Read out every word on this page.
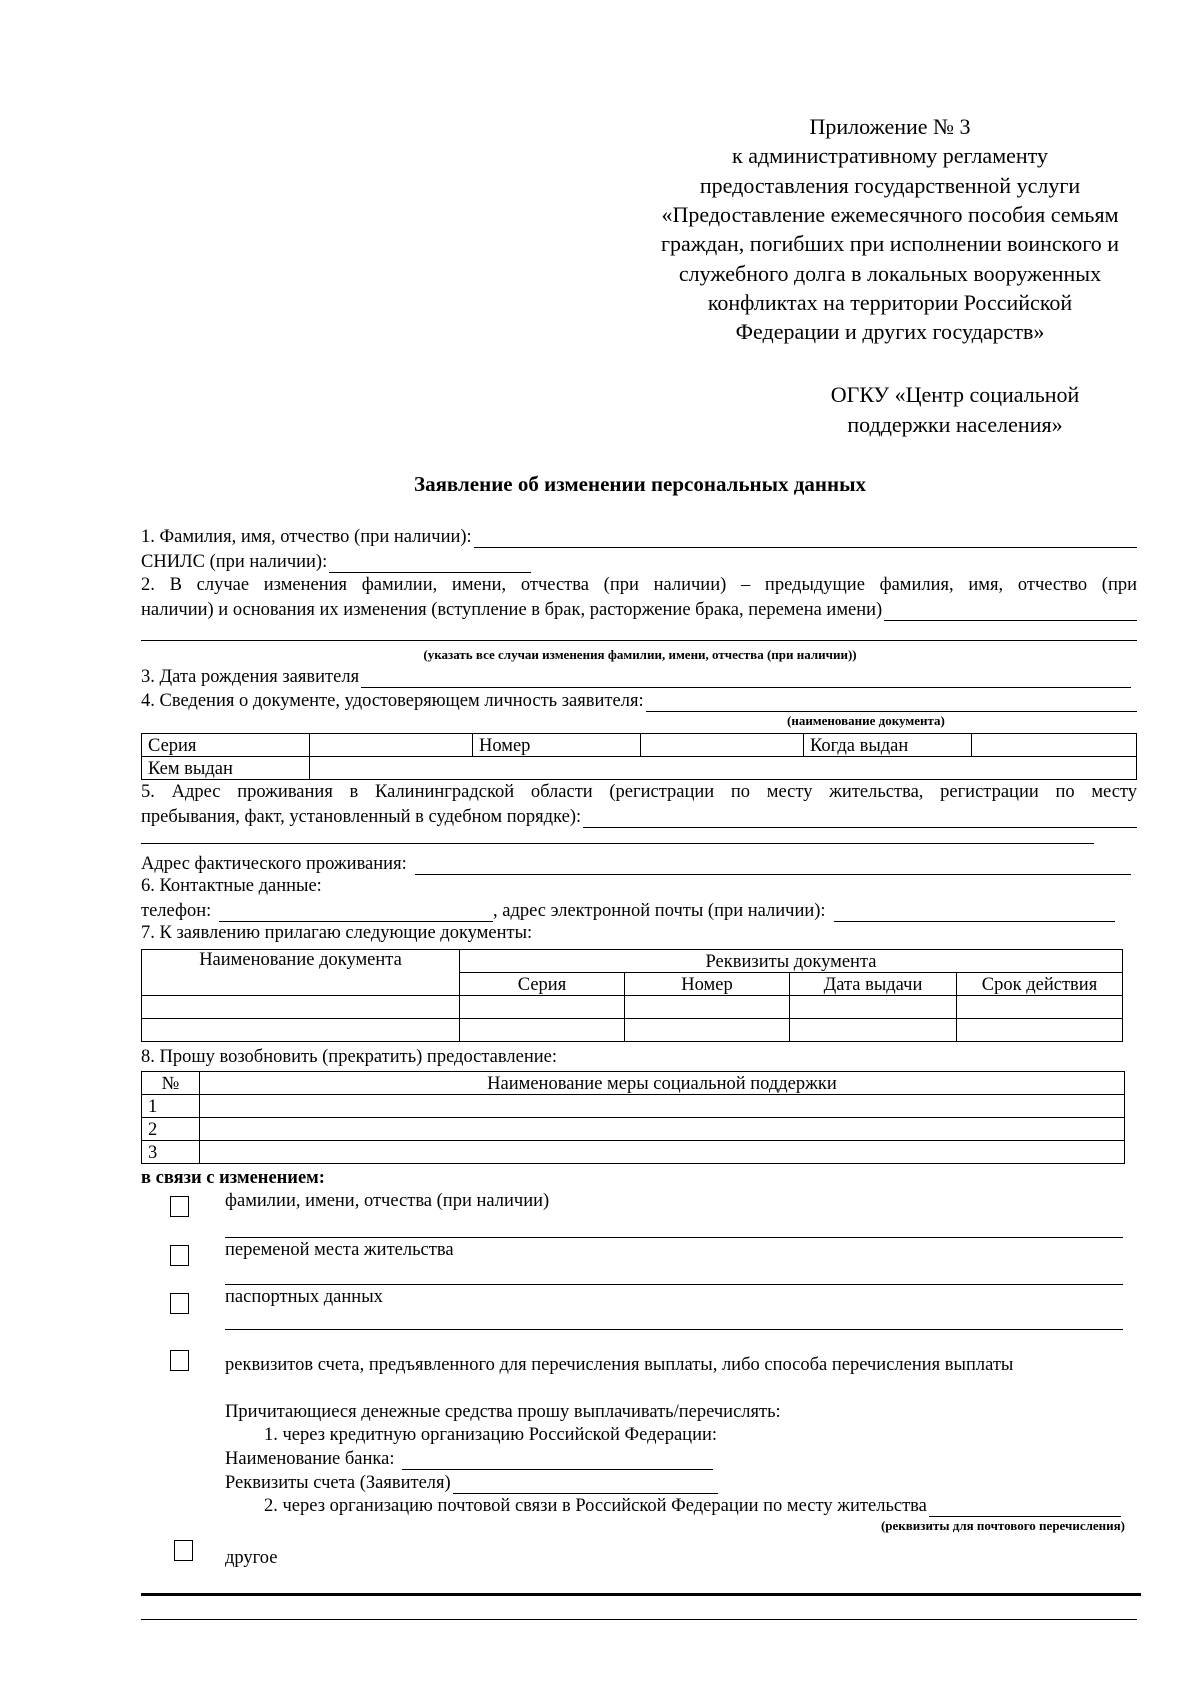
Приложение № 3
к административному регламенту
предоставления государственной услуги
«Предоставление ежемесячного пособия семьям
граждан, погибших при исполнении воинского и
служебного долга в локальных вооруженных
конфликтах на территории Российской
Федерации и других государств»
ОГКУ «Центр социальной
поддержки населения»
Заявление об изменении персональных данных
1. Фамилия, имя, отчество (при наличии):
СНИЛС (при наличии):
2. В случае изменения фамилии, имени, отчества (при наличии) – предыдущие фамилия, имя, отчество (при
наличии) и основания их изменения (вступление в брак, расторжение брака, перемена имени)
(указать все случаи изменения фамилии, имени, отчества (при наличии))
3. Дата рождения заявителя
4. Сведения о документе, удостоверяющем личность заявителя:
(наименование документа)
Серия		Номер		Когда выдан	
Кем выдан					
5. Адрес проживания в Калининградской области (регистрации по месту жительства, регистрации по месту
пребывания, факт, установленный в судебном порядке):
Адрес фактического проживания:
6. Контактные данные:
телефон:	, адрес электронной почты (при наличии):
7. К заявлению прилагаю следующие документы:
Наименование документа	Реквизиты документа			
	Серия	Номер	Дата выдачи	Срок действия

8. Прошу возобновить (прекратить) предоставление:
№	Наименование меры социальной поддержки
1	
2	
3	
в связи с изменением:
фамилии, имени, отчества (при наличии)
переменой места жительства
паспортных данных
реквизитов счета, предъявленного для перечисления выплаты, либо способа перечисления выплаты
Причитающиеся денежные средства прошу выплачивать/перечислять:
1. через кредитную организацию Российской Федерации:
Наименование банка:
Реквизиты счета (Заявителя)
2. через организацию почтовой связи в Российской Федерации по месту жительства
(реквизиты для почтового перечисления)
другое
